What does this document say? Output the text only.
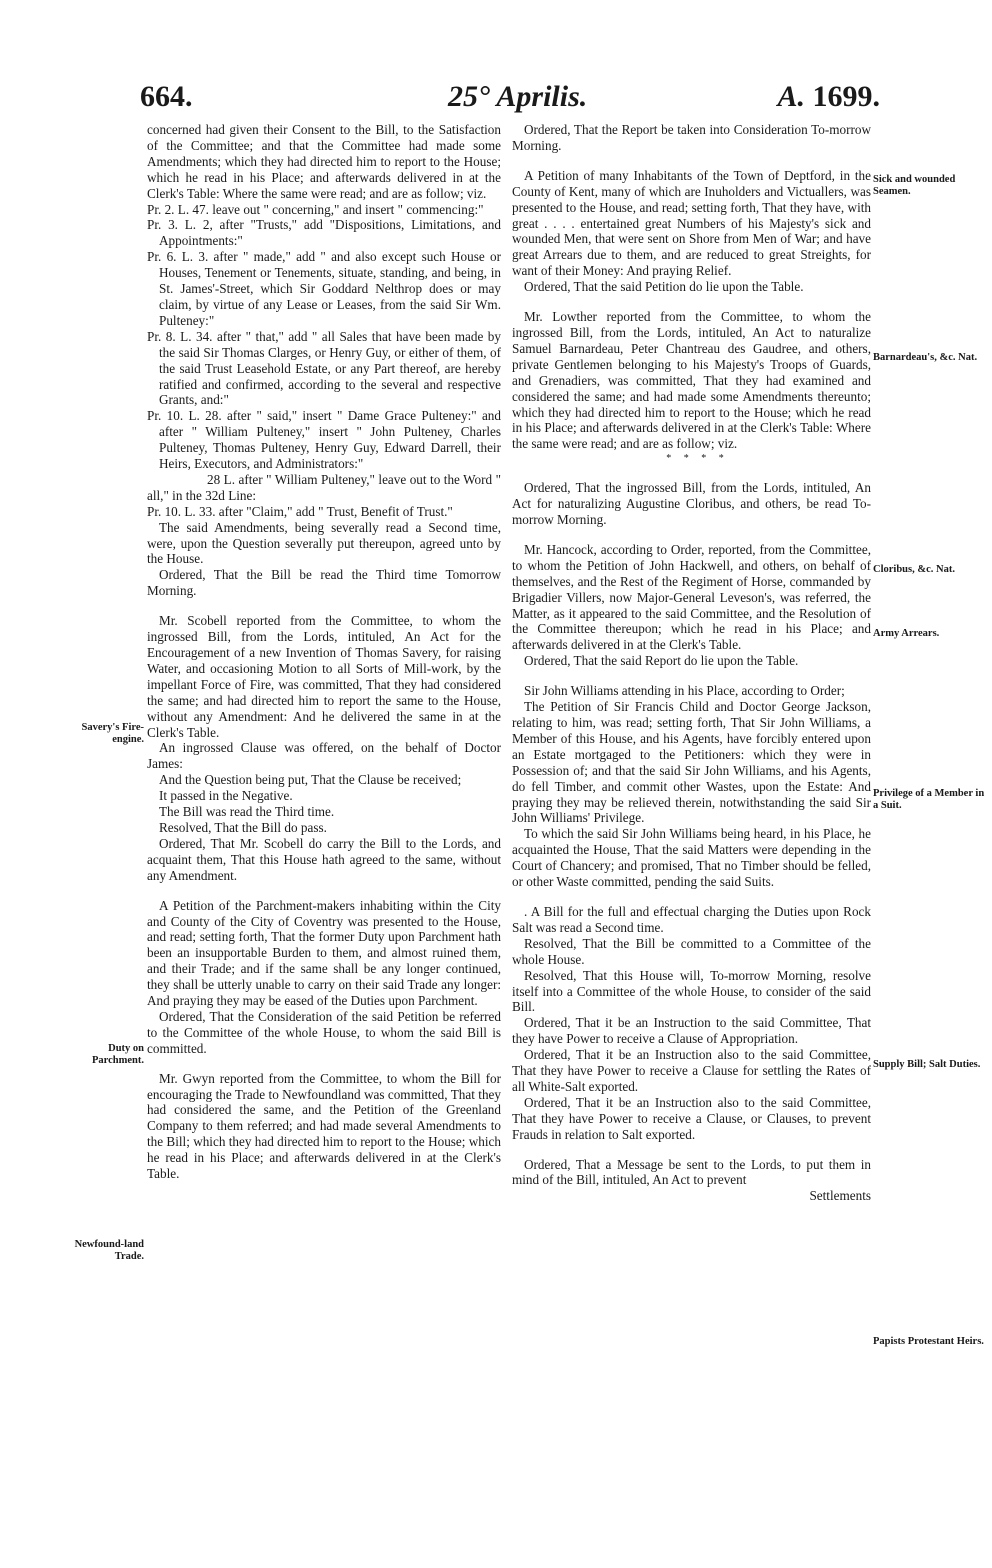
664.	25° Aprilis.	A. 1699.

concerned had given their Consent to the Bill, to the Satisfaction of the Committee; and that the Committee had made some Amendments; which they had directed him to report to the House; which he read in his Place; and afterwards delivered in at the Clerk's Table: Where the same were read; and are as follow; viz.

Pr. 2. L. 47. leave out " concerning," and insert " commencing:"

Pr. 3. L. 2, after "Trusts," add "Dispositions, Limitations, and Appointments:"

Pr. 6. L. 3. after " made," add " and also except such House or Houses, Tenement or Tenements, situate, standing, and being, in St. James'-Street, which Sir Goddard Nelthrop does or may claim, by virtue of any Lease or Leases, from the said Sir Wm. Pulteney:"

Pr. 8. L. 34. after " that," add " all Sales that have been made by the said Sir Thomas Clarges, or Henry Guy, or either of them, of the said Trust Leasehold Estate, or any Part thereof, are hereby ratified and confirmed, according to the several and respective Grants, and:"

Pr. 10. L. 28. after " said," insert " Dame Grace Pulteney:" and after " William Pulteney," insert " John Pulteney, Charles Pulteney, Thomas Pulteney, Henry Guy, Edward Darrell, their Heirs, Executors, and Administrators:"

28 L. after " William Pulteney," leave out to the Word " all," in the 32d Line:

Pr. 10. L. 33. after "Claim," add " Trust, Benefit of Trust."

The said Amendments, being severally read a Second time, were, upon the Question severally put thereupon, agreed unto by the House.

Ordered, That the Bill be read the Third time Tomorrow Morning.

Mr. Scobell reported from the Committee, to whom the ingrossed Bill, from the Lords, intituled, An Act for the Encouragement of a new Invention of Thomas Savery, for raising Water, and occasioning Motion to all Sorts of Mill-work, by the impellant Force of Fire, was committed, That they had considered the same; and had directed him to report the same to the House, without any Amendment: And he delivered the same in at the Clerk's Table.

An ingrossed Clause was offered, on the behalf of Doctor James:

And the Question being put, That the Clause be received;

It passed in the Negative.

The Bill was read the Third time.

Resolved, That the Bill do pass.

Ordered, That Mr. Scobell do carry the Bill to the Lords, and acquaint them, That this House hath agreed to the same, without any Amendment.

A Petition of the Parchment-makers inhabiting within the City and County of the City of Coventry was presented to the House, and read; setting forth, That the former Duty upon Parchment hath been an insupportable Burden to them, and almost ruined them, and their Trade; and if the same shall be any longer continued, they shall be utterly unable to carry on their said Trade any longer: And praying they may be eased of the Duties upon Parchment.

Ordered, That the Consideration of the said Petition be referred to the Committee of the whole House, to whom the said Bill is committed.

Mr. Gwyn reported from the Committee, to whom the Bill for encouraging the Trade to Newfoundland was committed, That they had considered the same, and the Petition of the Greenland Company to them referred; and had made several Amendments to the Bill; which they had directed him to report to the House; which he read in his Place; and afterwards delivered in at the Clerk's Table.

Ordered, That the Report be taken into Consideration To-morrow Morning.

A Petition of many Inhabitants of the Town of Deptford, in the County of Kent, many of which are Inuholders and Victuallers, was presented to the House, and read; setting forth, That they have, with great . . . . entertained great Numbers of his Majesty's sick and wounded Men, that were sent on Shore from Men of War; and have great Arrears due to them, and are reduced to great Streights, for want of their Money: And praying Relief.

Ordered, That the said Petition do lie upon the Table.

Mr. Lowther reported from the Committee, to whom the ingrossed Bill, from the Lords, intituled, An Act to naturalize Samuel Barnardeau, Peter Chantreau des Gaudree, and others, private Gentlemen belonging to his Majesty's Troops of Guards, and Grenadiers, was committed, That they had examined and considered the same; and had made some Amendments thereunto; which they had directed him to report to the House; which he read in his Place; and afterwards delivered in at the Clerk's Table: Where the same were read; and are as follow; viz.

* * * *

Ordered, That the ingrossed Bill, from the Lords, intituled, An Act for naturalizing Augustine Cloribus, and others, be read To-morrow Morning.

Mr. Hancock, according to Order, reported, from the Committee, to whom the Petition of John Hackwell, and others, on behalf of themselves, and the Rest of the Regiment of Horse, commanded by Brigadier Villers, now Major-General Leveson's, was referred, the Matter, as it appeared to the said Committee, and the Resolution of the Committee thereupon; which he read in his Place; and afterwards delivered in at the Clerk's Table.

Ordered, That the said Report do lie upon the Table.

Sir John Williams attending in his Place, according to Order;

The Petition of Sir Francis Child and Doctor George Jackson, relating to him, was read; setting forth, That Sir John Williams, a Member of this House, and his Agents, have forcibly entered upon an Estate mortgaged to the Petitioners: which they were in Possession of; and that the said Sir John Williams, and his Agents, do fell Timber, and commit other Wastes, upon the Estate: And praying they may be relieved therein, notwithstanding the said Sir John Williams' Privilege.

To which the said Sir John Williams being heard, in his Place, he acquainted the House, That the said Matters were depending in the Court of Chancery; and promised, That no Timber should be felled, or other Waste committed, pending the said Suits.

. A Bill for the full and effectual charging the Duties upon Rock Salt was read a Second time.

Resolved, That the Bill be committed to a Committee of the whole House.

Resolved, That this House will, To-morrow Morning, resolve itself into a Committee of the whole House, to consider of the said Bill.

Ordered, That it be an Instruction to the said Committee, That they have Power to receive a Clause of Appropriation.

Ordered, That it be an Instruction also to the said Committee, That they have Power to receive a Clause for settling the Rates of all White-Salt exported.

Ordered, That it be an Instruction also to the said Committee, That they have Power to receive a Clause, or Clauses, to prevent Frauds in relation to Salt exported.

Ordered, That a Message be sent to the Lords, to put them in mind of the Bill, intituled, An Act to prevent

Settlements

Savery's Fire-engine.
Duty on Parchment.
Newfound-land Trade.
Sick and wounded Seamen.
Barnardeau's, &c. Nat.
Cloribus, &c. Nat.
Army Arrears.
Privilege of a Member in a Suit.
Supply Bill; Salt Duties.
Papists Protestant Heirs.
